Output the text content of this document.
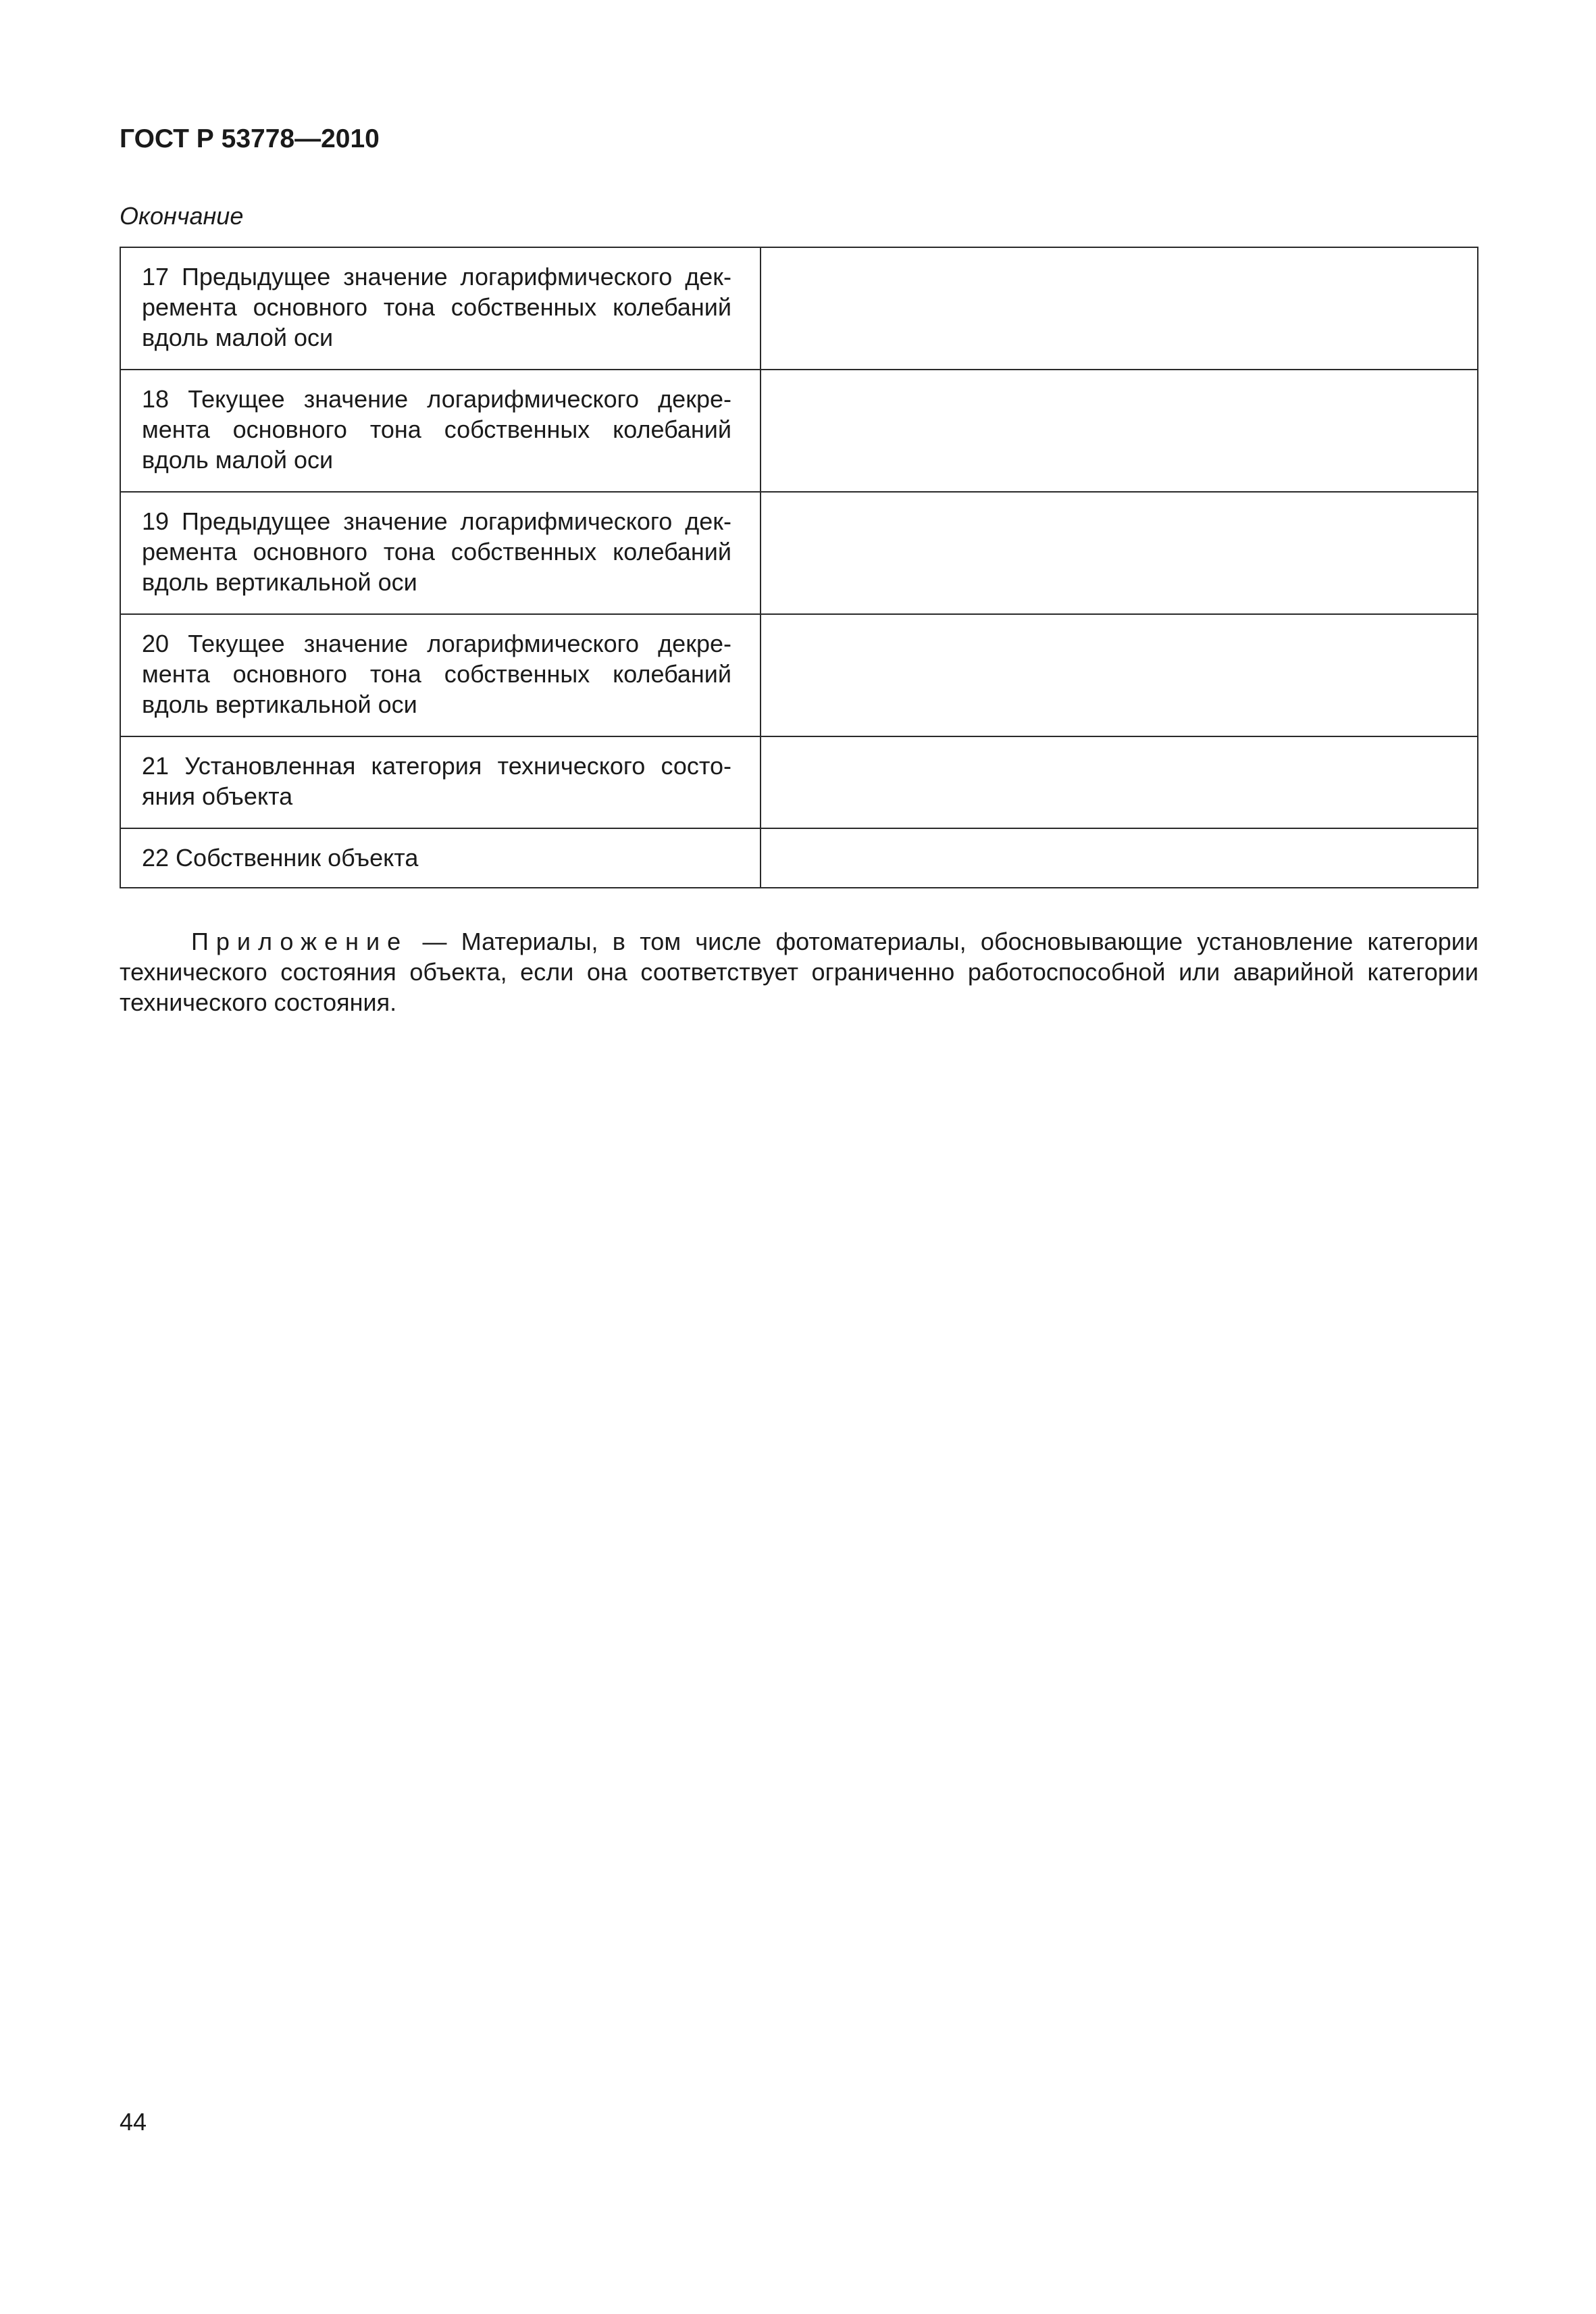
ГОСТ Р 53778—2010
Окончание
17 Предыдущее значение логарифмического декремента основного тона собственных колебаний вдоль малой оси	

18 Текущее значение логарифмического декремента основного тона собственных колебаний вдоль малой оси	

19 Предыдущее значение логарифмического декремента основного тона собственных колебаний вдоль вертикальной оси	

20 Текущее значение логарифмического декремента основного тона собственных колебаний вдоль вертикальной оси	

21 Установленная категория технического состояния объекта	

22 Собственник объекта	

Приложение — Материалы, в том числе фотоматериалы, обосновывающие установление категории технического состояния объекта, если она соответствует ограниченно работоспособной или аварийной категории технического состояния.
44
